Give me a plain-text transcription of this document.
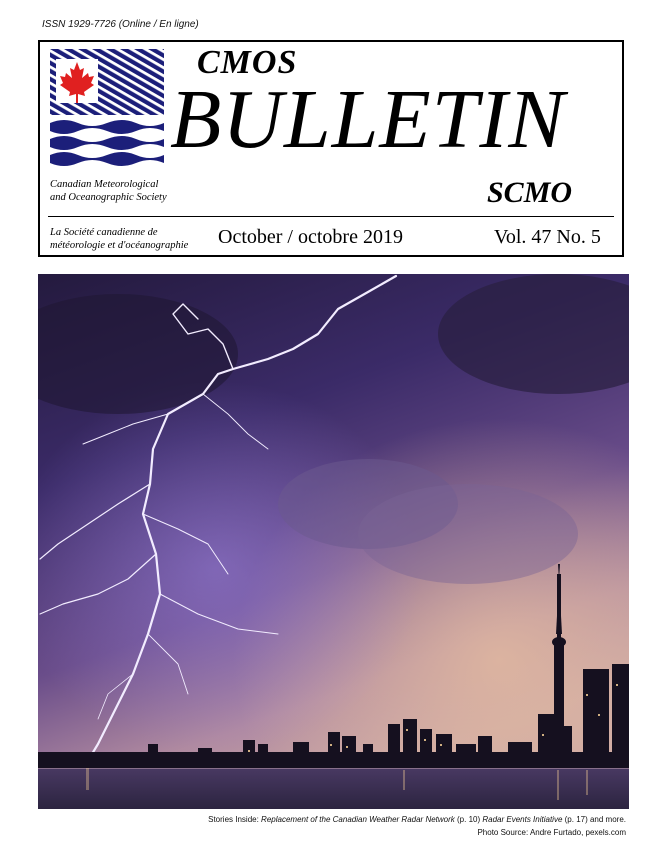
ISSN 1929-7726 (Online / En ligne)
CMOS
BULLETIN
SCMO
Canadian Meteorological
and Oceanographic Society
La Société canadienne de
météorologie et d'océanographie October / octobre 2019	Vol. 47 No. 5
Stories Inside: Replacement of the Canadian Weather Radar Network (p. 10) Radar Events Initiative (p. 17) and more.
Photo Source: Andre Furtado, pexels.com
